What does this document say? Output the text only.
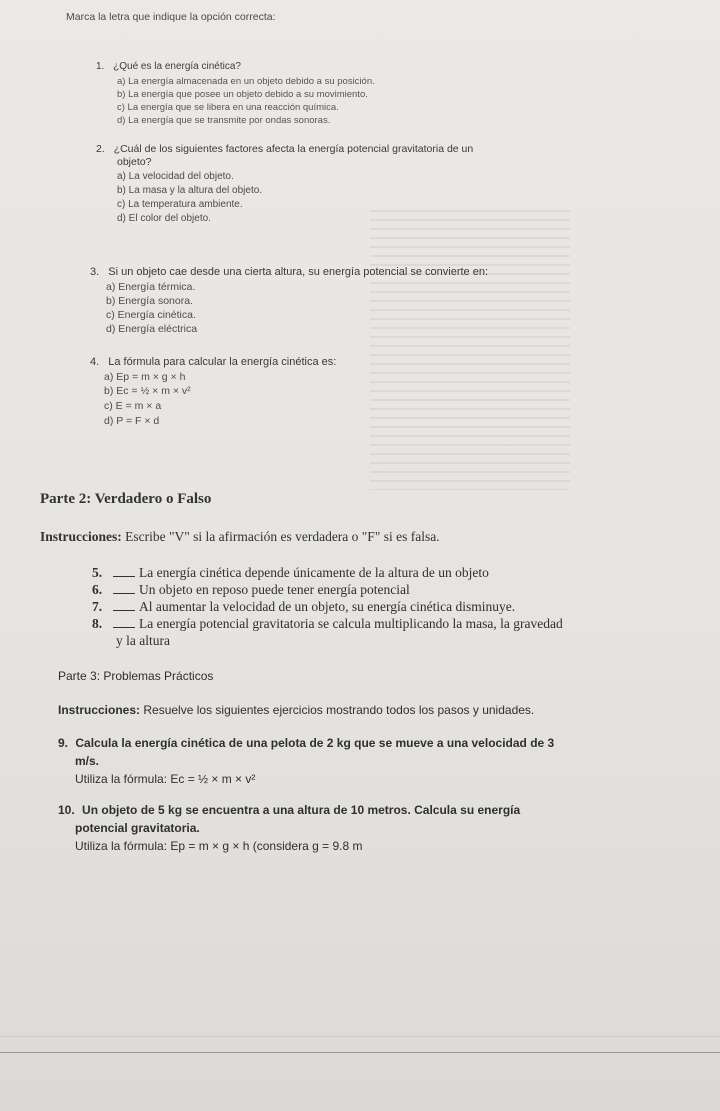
Marca la letra que indique la opción correcta:
1. ¿Qué es la energía cinética?
a) La energía almacenada en un objeto debido a su posición.
b) La energía que posee un objeto debido a su movimiento.
c) La energía que se libera en una reacción química.
d) La energía que se transmite por ondas sonoras.
2. ¿Cuál de los siguientes factores afecta la energía potencial gravitatoria de un
objeto?
a) La velocidad del objeto.
b) La masa y la altura del objeto.
c) La temperatura ambiente.
d) El color del objeto.
3. Si un objeto cae desde una cierta altura, su energía potencial se convierte en:
a) Energía térmica.
b) Energía sonora.
c) Energía cinética.
d) Energía eléctrica
4. La fórmula para calcular la energía cinética es:
a) Ep = m × g × h
b) Ec = ½ × m × v²
c) E = m × a
d) P = F × d
Parte 2: Verdadero o Falso
Instrucciones: Escribe "V" si la afirmación es verdadera o "F" si es falsa.
5.	La energía cinética depende únicamente de la altura de un objeto
6.	Un objeto en reposo puede tener energía potencial
7.	Al aumentar la velocidad de un objeto, su energía cinética disminuye.
8.	La energía potencial gravitatoria se calcula multiplicando la masa, la gravedad
y la altura
Parte 3: Problemas Prácticos
Instrucciones: Resuelve los siguientes ejercicios mostrando todos los pasos y unidades.
9. Calcula la energía cinética de una pelota de 2 kg que se mueve a una velocidad de 3
m/s.
Utiliza la fórmula: Ec = ½ × m × v²
10. Un objeto de 5 kg se encuentra a una altura de 10 metros. Calcula su energía
potencial gravitatoria.
Utiliza la fórmula: Ep = m × g × h (considera g = 9.8 m
